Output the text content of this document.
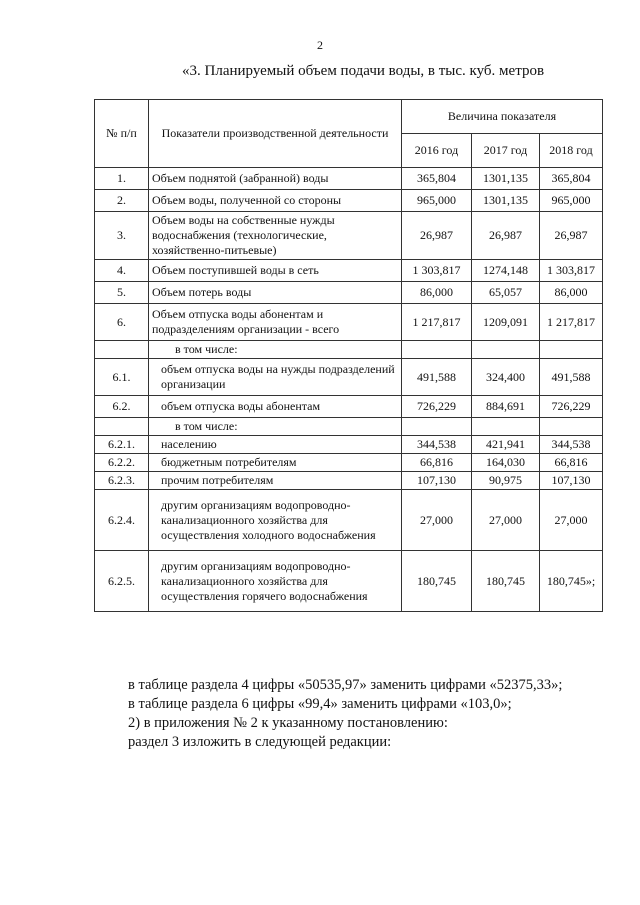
2
«3. Планируемый объем подачи воды, в тыс. куб. метров
№ п/п	Показатели производственной деятельности	Величина показателя		
		2016 год	2017 год	2018 год
1.	Объем поднятой (забранной) воды	365,804	1301,135	365,804
2.	Объем воды, полученной со стороны	965,000	1301,135	965,000
3.	Объем воды на собственные нужды водоснабжения (технологические, хозяйственно-питьевые)	26,987	26,987	26,987
4.	Объем поступившей воды в сеть	1 303,817	1274,148	1 303,817
5.	Объем потерь воды	86,000	65,057	86,000
6.	Объем отпуска воды абонентам и подразделениям организации - всего	1 217,817	1209,091	1 217,817
	в том числе:			
6.1.	объем отпуска воды на нужды подразделений организации	491,588	324,400	491,588
6.2.	объем отпуска воды абонентам	726,229	884,691	726,229
	в том числе:			
6.2.1.	населению	344,538	421,941	344,538
6.2.2.	бюджетным потребителям	66,816	164,030	66,816
6.2.3.	прочим потребителям	107,130	90,975	107,130
6.2.4.	другим организациям водопроводно-канализационного хозяйства для осуществления холодного водоснабжения	27,000	27,000	27,000
6.2.5.	другим организациям водопроводно-канализационного хозяйства для осуществления горячего водоснабжения	180,745	180,745	180,745»;
в таблице раздела 4 цифры «50535,97» заменить цифрами «52375,33»;
в таблице раздела 6 цифры «99,4» заменить цифрами «103,0»;
2) в приложения № 2 к указанному постановлению:
раздел 3 изложить в следующей редакции:
